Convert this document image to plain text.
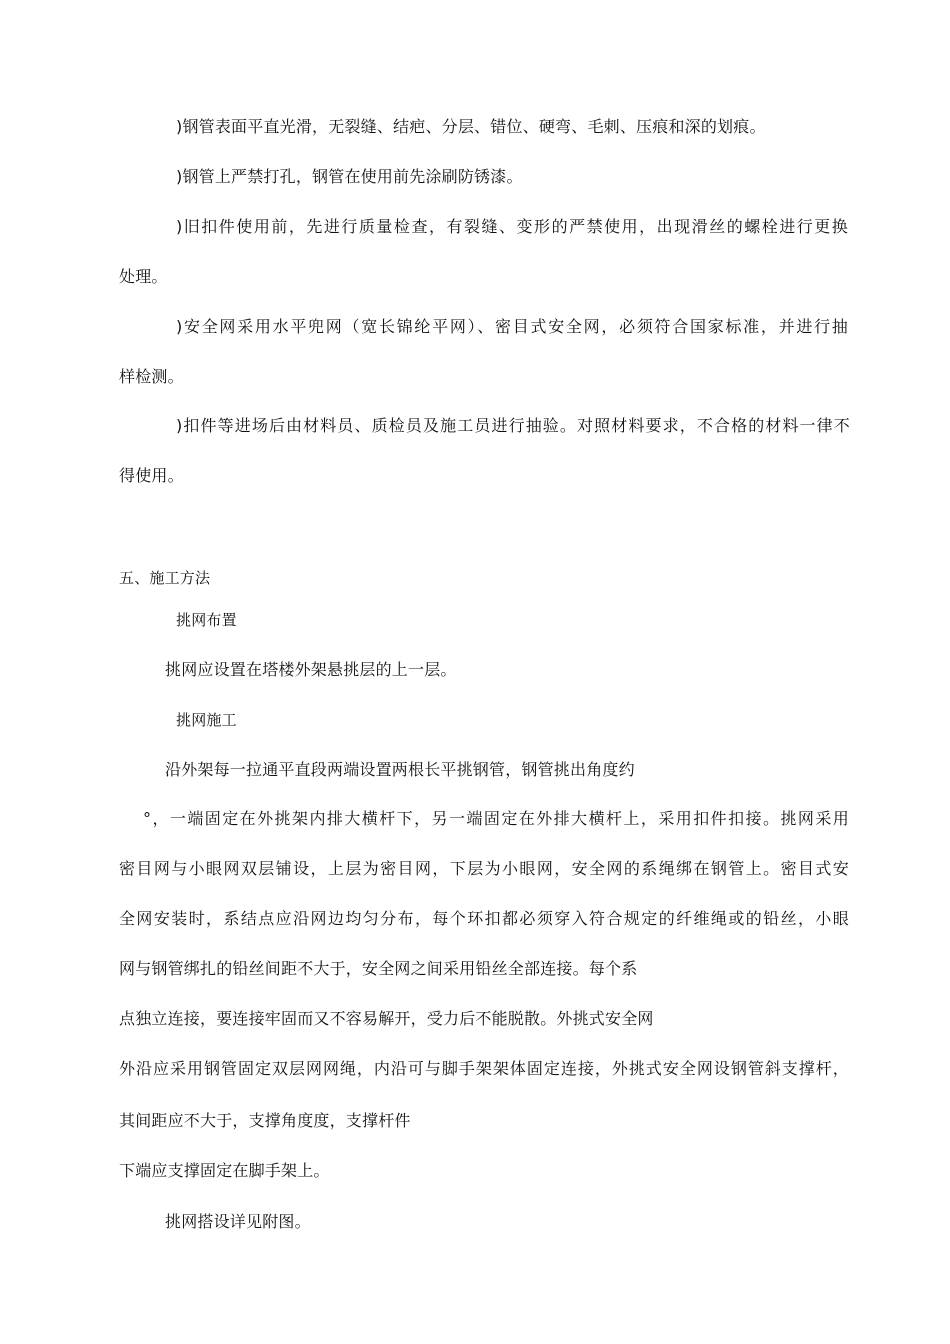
)钢管表面平直光滑，无裂缝、结疤、分层、错位、硬弯、毛刺、压痕和深的划痕。
)钢管上严禁打孔，钢管在使用前先涂刷防锈漆。
)旧扣件使用前，先进行质量检查，有裂缝、变形的严禁使用，出现滑丝的螺栓进行更换
处理。
)安全网采用水平兜网（宽长锦纶平网）、密目式安全网，必须符合国家标准，并进行抽
样检测。
)扣件等进场后由材料员、质检员及施工员进行抽验。对照材料要求，不合格的材料一律不
得使用。
五、施工方法
挑网布置
挑网应设置在塔楼外架悬挑层的上一层。
挑网施工
沿外架每一拉通平直段两端设置两根长平挑钢管，钢管挑出角度约
°，一端固定在外挑架内排大横杆下，另一端固定在外排大横杆上，采用扣件扣接。挑网采用
密目网与小眼网双层铺设，上层为密目网，下层为小眼网，安全网的系绳绑在钢管上。密目式安
全网安装时，系结点应沿网边均匀分布，每个环扣都必须穿入符合规定的纤维绳或的铅丝，小眼
网与钢管绑扎的铅丝间距不大于，安全网之间采用铅丝全部连接。每个系
点独立连接，要连接牢固而又不容易解开，受力后不能脱散。外挑式安全网
外沿应采用钢管固定双层网网绳，内沿可与脚手架架体固定连接，外挑式安全网设钢管斜支撑杆，
其间距应不大于，支撑角度度，支撑杆件
下端应支撑固定在脚手架上。
挑网搭设详见附图。
